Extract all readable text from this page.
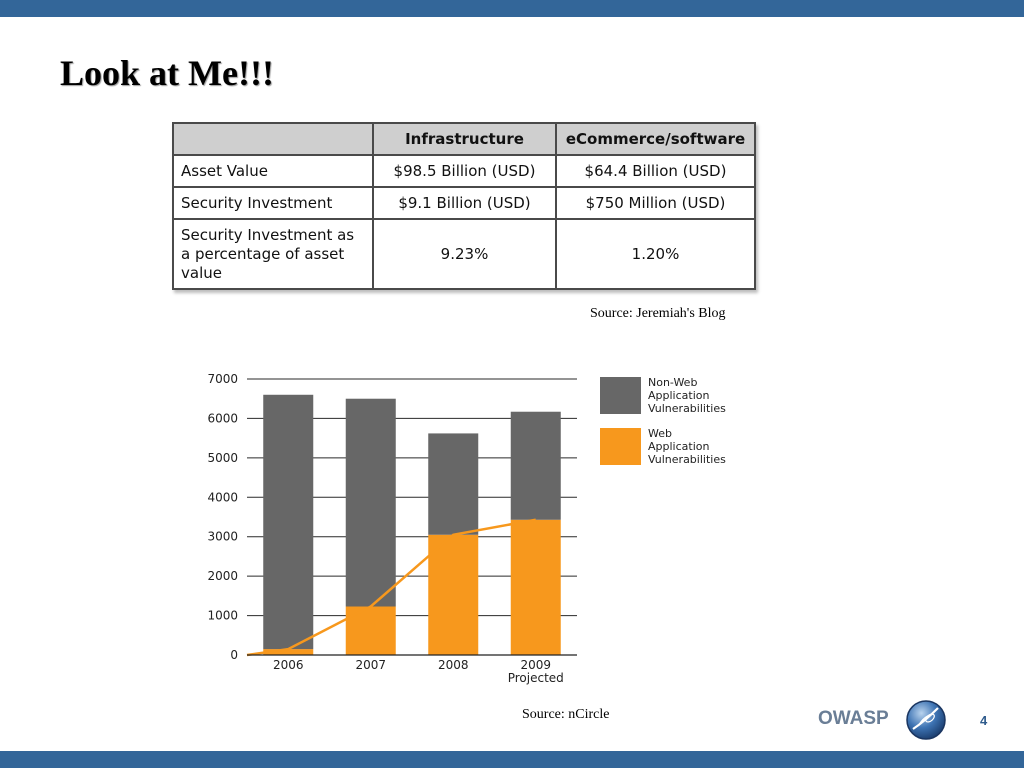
Look at Me!!!
	Infrastructure	eCommerce/software
Asset Value	$98.5 Billion (USD)	$64.4 Billion (USD)
Security Investment	$9.1 Billion (USD)	$750 Million (USD)
Security Investment as a percentage of asset value	9.23%	1.20%
Source: Jeremiah's Blog
0
1000
2000
3000
4000
5000
6000
7000
2006	2007	2008	2009
Projected
Non-Web
Application
Vulnerabilities
Web
Application
Vulnerabilities
Source: nCircle	OWASP	4
